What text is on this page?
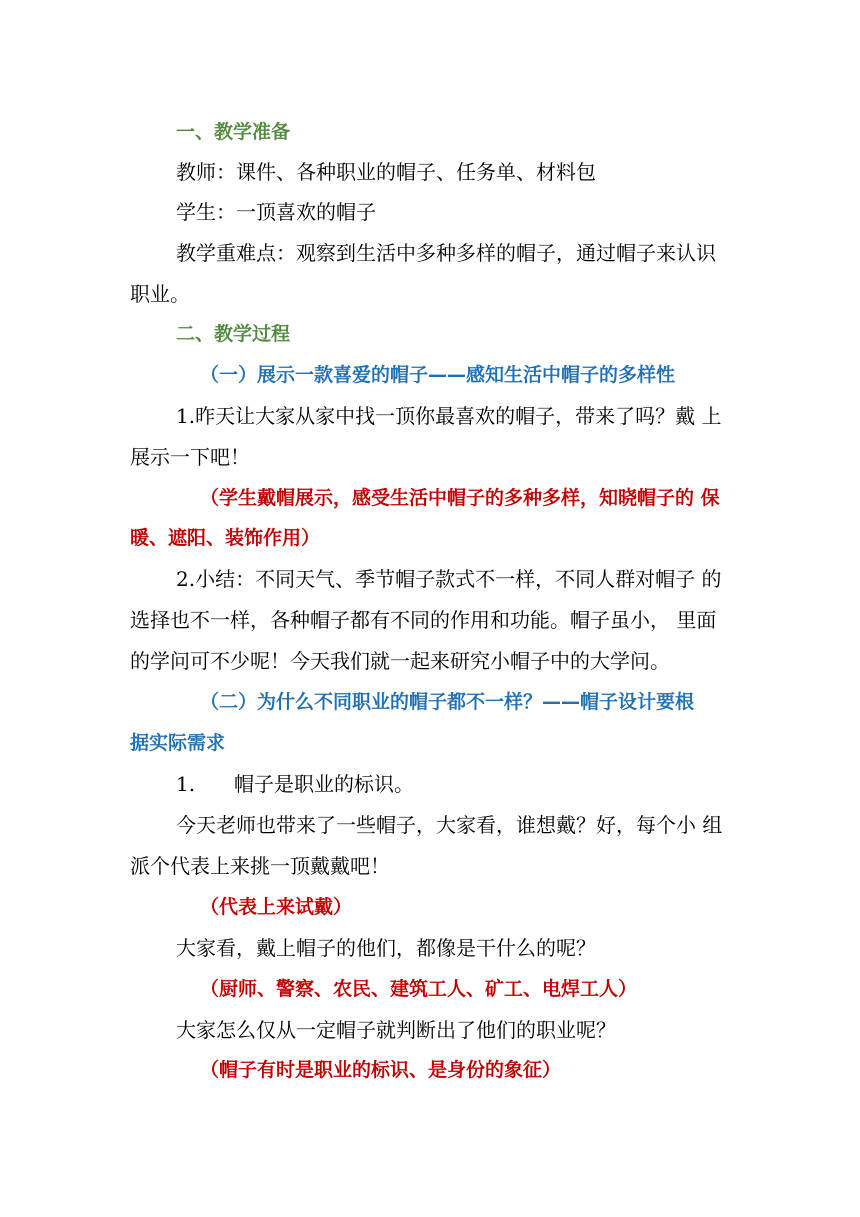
一、教学准备
教师：课件、各种职业的帽子、任务单、材料包
学生：一顶喜欢的帽子
教学重难点：观察到生活中多种多样的帽子，通过帽子来认识
职业。
二、教学过程
（一）展示一款喜爱的帽子——感知生活中帽子的多样性
1.昨天让大家从家中找一顶你最喜欢的帽子，带来了吗？戴 上
展示一下吧！
（学生戴帽展示，感受生活中帽子的多种多样，知晓帽子的 保
暖、遮阳、装饰作用）
2.小结：不同天气、季节帽子款式不一样，不同人群对帽子 的
选择也不一样，各种帽子都有不同的作用和功能。帽子虽小， 里面
的学问可不少呢！今天我们就一起来研究小帽子中的大学问。
（二）为什么不同职业的帽子都不一样？——帽子设计要根
据实际需求
1. 帽子是职业的标识。
今天老师也带来了一些帽子，大家看，谁想戴？好，每个小 组
派个代表上来挑一顶戴戴吧！
（代表上来试戴）
大家看，戴上帽子的他们，都像是干什么的呢？
（厨师、警察、农民、建筑工人、矿工、电焊工人）
大家怎么仅从一定帽子就判断出了他们的职业呢？
（帽子有时是职业的标识、是身份的象征）
